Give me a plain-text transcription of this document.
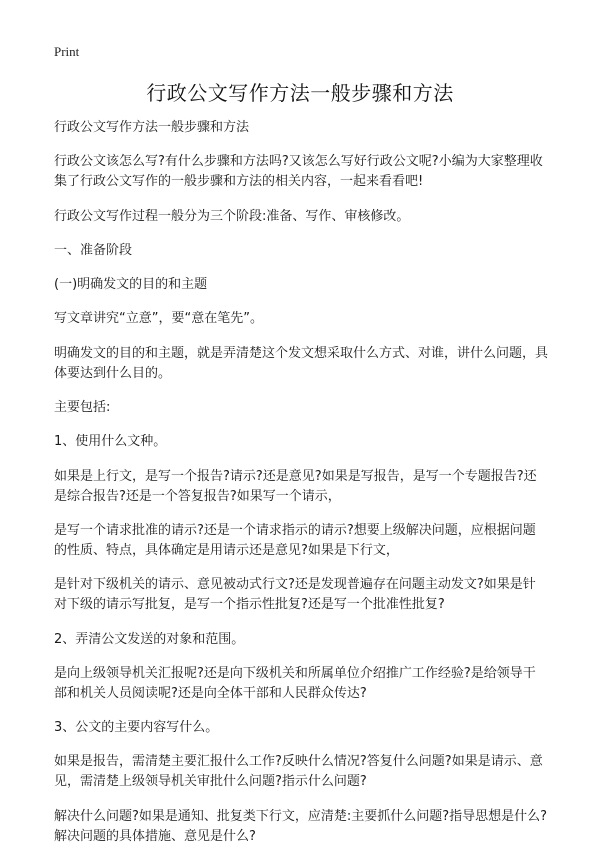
Print
行政公文写作方法一般步骤和方法

行政公文写作方法一般步骤和方法

行政公文该怎么写?有什么步骤和方法吗?又该怎么写好行政公文呢?小编为大家整理收集了行政公文写作的一般步骤和方法的相关内容，一起来看看吧!

行政公文写作过程一般分为三个阶段:准备、写作、审核修改。

一、准备阶段

(一)明确发文的目的和主题

写文章讲究“立意”，要“意在笔先”。

明确发文的目的和主题，就是弄清楚这个发文想采取什么方式、对谁，讲什么问题，具体要达到什么目的。

主要包括:

1、使用什么文种。

如果是上行文，是写一个报告?请示?还是意见?如果是写报告，是写一个专题报告?还是综合报告?还是一个答复报告?如果写一个请示，

是写一个请求批准的请示?还是一个请求指示的请示?想要上级解决问题，应根据问题的性质、特点，具体确定是用请示还是意见?如果是下行文，

是针对下级机关的请示、意见被动式行文?还是发现普遍存在问题主动发文?如果是针对下级的请示写批复，是写一个指示性批复?还是写一个批准性批复?

2、弄清公文发送的对象和范围。

是向上级领导机关汇报呢?还是向下级机关和所属单位介绍推广工作经验?是给领导干部和机关人员阅读呢?还是向全体干部和人民群众传达?

3、公文的主要内容写什么。

如果是报告，需清楚主要汇报什么工作?反映什么情况?答复什么问题?如果是请示、意见，需清楚上级领导机关审批什么问题?指示什么问题?

解决什么问题?如果是通知、批复类下行文，应清楚:主要抓什么问题?指导思想是什么?解决问题的具体措施、意见是什么?
